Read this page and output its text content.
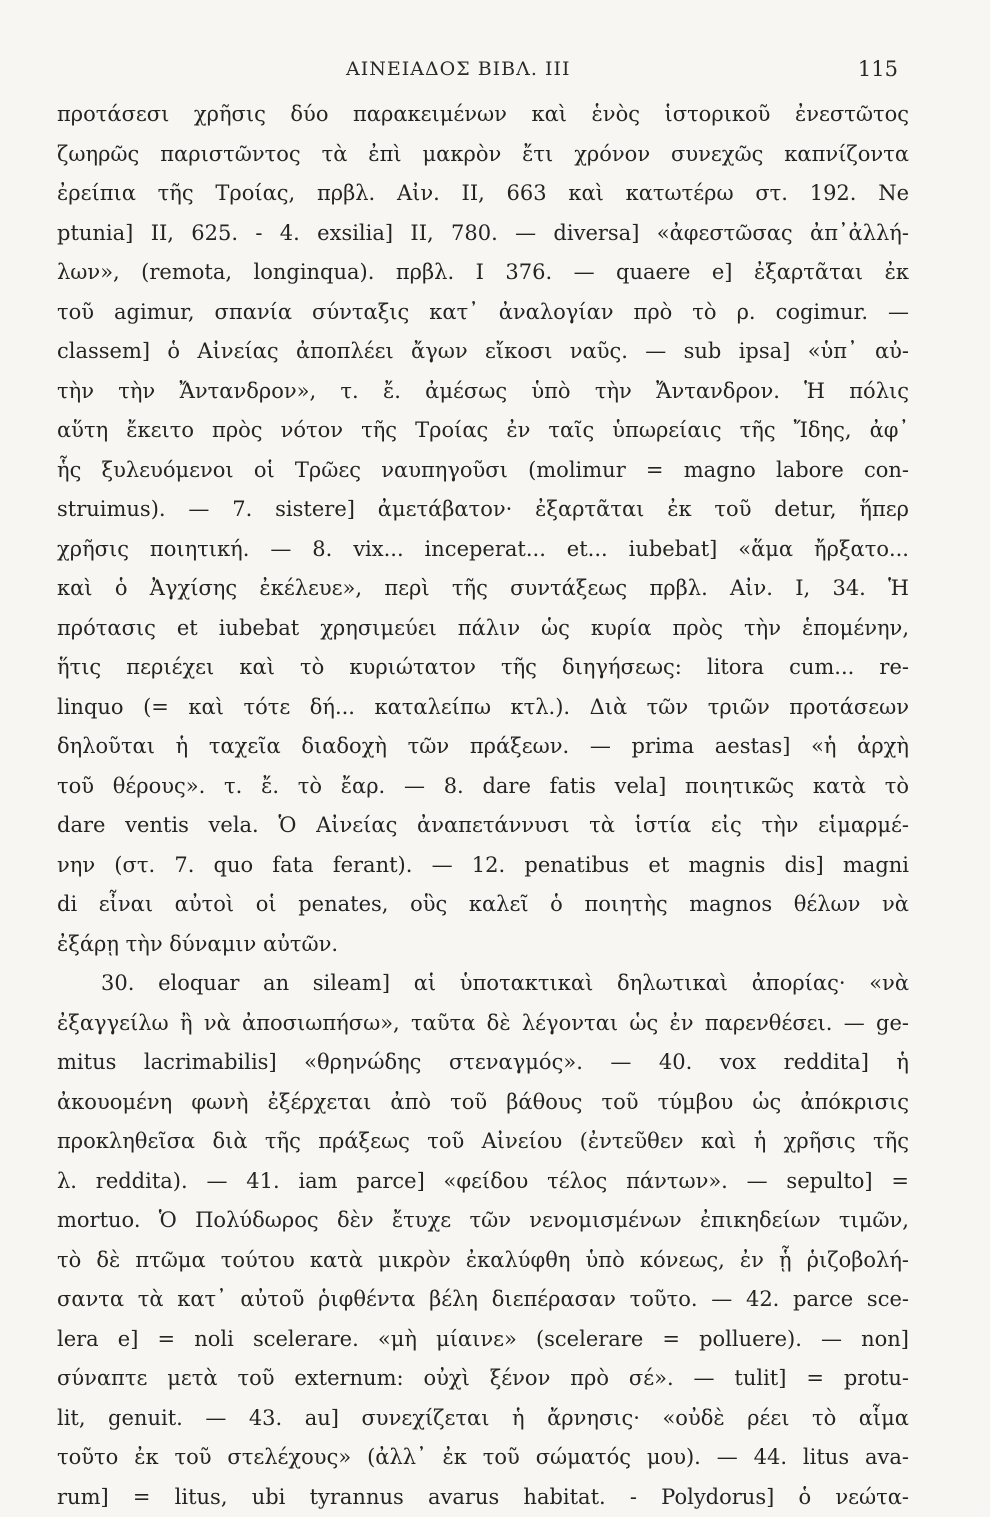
ΑΙΝΕΙΑΔΟΣ ΒΙΒΛ. III	115
προτάσεσι χρῆσις δύο παρακειμένων καὶ ἑνὸς ἱστορικοῦ ἐνεστῶτος
ζωηρῶς παριστῶντος τὰ ἐπὶ μακρὸν ἔτι χρόνον συνεχῶς καπνίζοντα
ἐρείπια τῆς Τροίας, πρβλ. Αἰν. II, 663 καὶ κατωτέρω στ. 192. Ne
ptunia] II, 625. - 4. exsilia] II, 780. — diversa] «ἀφεστῶσας ἀπ᾽ἀλλή-
λων», (remota, longinqua). πρβλ. I 376. — quaere e] ἐξαρτᾶται ἐκ
τοῦ agimur, σπανία σύνταξις κατ᾽ ἀναλογίαν πρὸ τὸ ρ. cogimur. —
classem] ὁ Αἰνείας ἀποπλέει ἄγων εἴκοσι ναῦς. — sub ipsa] «ὑπ᾽ αὐ-
τὴν τὴν Ἄντανδρον», τ. ἔ. ἀμέσως ὑπὸ τὴν Ἄντανδρον. Ἡ πόλις
αὕτη ἔκειτο πρὸς νότον τῆς Τροίας ἐν ταῖς ὑπωρείαις τῆς Ἴδης, ἀφ᾽
ἧς ξυλευόμενοι οἱ Τρῶες ναυπηγοῦσι (molimur = magno labore con-
struimus). — 7. sistere] ἀμετάβατον· ἐξαρτᾶται ἐκ τοῦ detur, ἥπερ
χρῆσις ποιητική. — 8. vix... inceperat... et... iubebat] «ἅμα ἤρξατο...
καὶ ὁ Ἀγχίσης ἐκέλευε», περὶ τῆς συντάξεως πρβλ. Αἰν. I, 34. Ἡ
πρότασις et iubebat χρησιμεύει πάλιν ὡς κυρία πρὸς τὴν ἑπομένην,
ἥτις περιέχει καὶ τὸ κυριώτατον τῆς διηγήσεως: litora cum... re-
linquo (= καὶ τότε δή... καταλείπω κτλ.). Διὰ τῶν τριῶν προτάσεων
δηλοῦται ἡ ταχεῖα διαδοχὴ τῶν πράξεων. — prima aestas] «ἡ ἀρχὴ
τοῦ θέρους». τ. ἔ. τὸ ἔαρ. — 8. dare fatis vela] ποιητικῶς κατὰ τὸ
dare ventis vela. Ὁ Αἰνείας ἀναπετάννυσι τὰ ἱστία εἰς τὴν εἱμαρμέ-
νην (στ. 7. quo fata ferant). — 12. penatibus et magnis dis] magni
di εἶναι αὐτοὶ οἱ penates, οὓς καλεῖ ὁ ποιητὴς magnos θέλων νὰ
ἐξάρῃ τὴν δύναμιν αὐτῶν.
30. eloquar an sileam] αἱ ὑποτακτικαὶ δηλωτικαὶ ἀπορίας· «νὰ
ἐξαγγείλω ἢ νὰ ἀποσιωπήσω», ταῦτα δὲ λέγονται ὡς ἐν παρενθέσει. — ge-
mitus lacrimabilis] «θρηνώδης στεναγμός». — 40. vox reddita] ἡ
ἀκουομένη φωνὴ ἐξέρχεται ἀπὸ τοῦ βάθους τοῦ τύμβου ὡς ἀπόκρισις
προκληθεῖσα διὰ τῆς πράξεως τοῦ Αἰνείου (ἐντεῦθεν καὶ ἡ χρῆσις τῆς
λ. reddita). — 41. iam parce] «φείδου τέλος πάντων». — sepulto] =
mortuo. Ὁ Πολύδωρος δὲν ἔτυχε τῶν νενομισμένων ἐπικηδείων τιμῶν,
τὸ δὲ πτῶμα τούτου κατὰ μικρὸν ἐκαλύφθη ὑπὸ κόνεως, ἐν ᾗ ῥιζοβολή-
σαντα τὰ κατ᾽ αὐτοῦ ῥιφθέντα βέλη διεπέρασαν τοῦτο. — 42. parce sce-
lera e] = noli scelerare. «μὴ μίαινε» (scelerare = polluere). — non]
σύναπτε μετὰ τοῦ externum: οὐχὶ ξένον πρὸ σέ». — tulit] = protu-
lit, genuit. — 43. au] συνεχίζεται ἡ ἄρνησις· «οὐδὲ ρέει τὸ αἷμα
τοῦτο ἐκ τοῦ στελέχους» (ἀλλ᾽ ἐκ τοῦ σώματός μου). — 44. litus ava-
rum] = litus, ubi tyrannus avarus habitat. - Polydorus] ὁ νεώτα-
